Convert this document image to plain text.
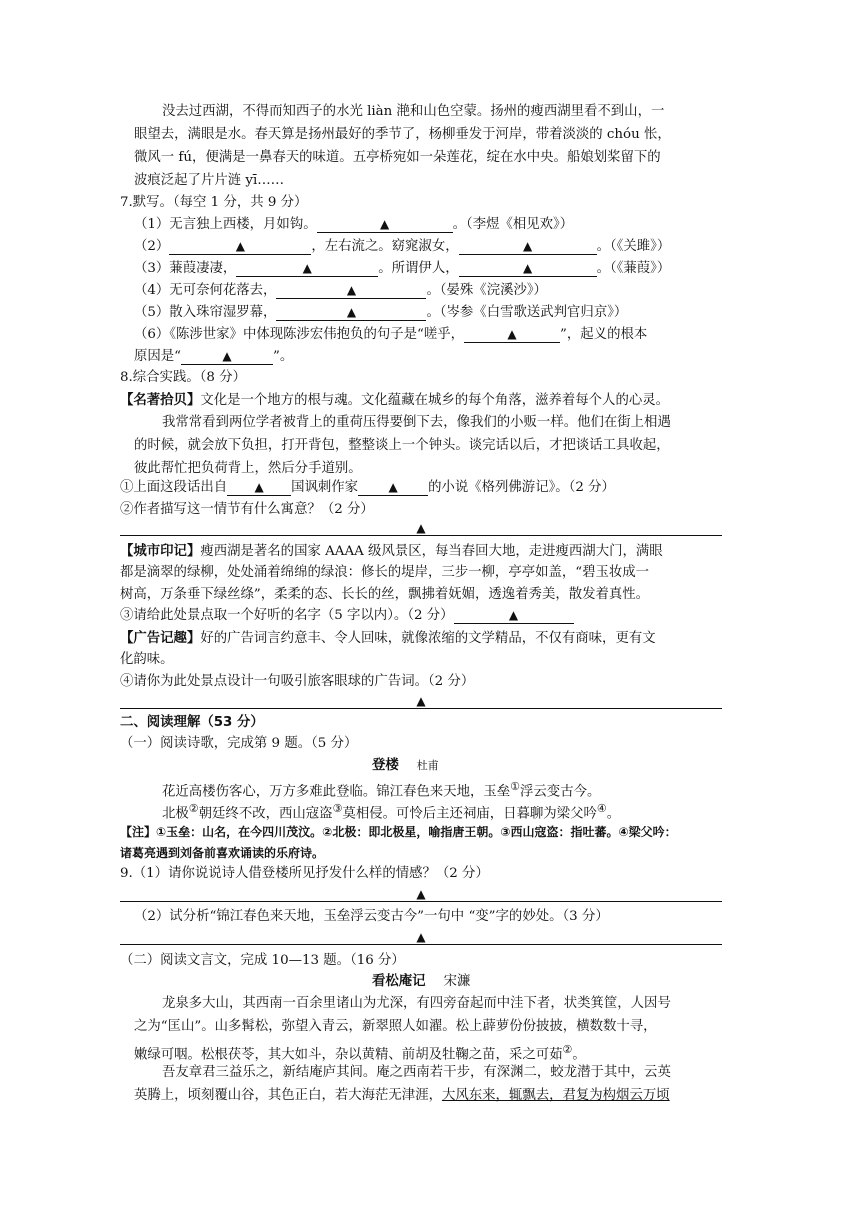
没去过西湖，不得而知西子的水光 liàn 滟和山色空蒙。扬州的瘦西湖里看不到山，一
眼望去，满眼是水。春天算是扬州最好的季节了，杨柳垂发于河岸，带着淡淡的 chóu 怅，
微风一 fú，便满是一鼻春天的味道。五亭桥宛如一朵莲花，绽在水中央。船娘划桨留下的
波痕泛起了片片涟 yī……
7.默写。（每空 1 分，共 9 分）
（1）无言独上西楼，月如钩。	▲	。（李煜《相见欢》）
（2）	▲	，左右流之。窈窕淑女，	▲	。（《关雎》）
（3）蒹葭凄凄，	▲	。所谓伊人，	▲	。（《蒹葭》）
（4）无可奈何花落去，	▲	。（晏殊《浣溪沙》）
（5）散入珠帘湿罗幕，	▲	。（岑参《白雪歌送武判官归京》）
（6）《陈涉世家》中体现陈涉宏伟抱负的句子是“嗟乎，	▲	”，起义的根本
原因是“	▲	”。
8.综合实践。（8 分）
【名著拾贝】文化是一个地方的根与魂。文化蕴藏在城乡的每个角落，滋养着每个人的心灵。
我常常看到两位学者被背上的重荷压得要倒下去，像我们的小贩一样。他们在街上相遇
的时候，就会放下负担，打开背包，整整谈上一个钟头。谈完话以后，才把谈话工具收起，
彼此帮忙把负荷背上，然后分手道别。
①上面这段话出自 ▲ 国讽刺作家	▲ 的小说《格列佛游记》。（2 分）
②作者描写这一情节有什么寓意？（2 分）
▲
【城市印记】瘦西湖是著名的国家 AAAA 级风景区，每当春回大地，走进瘦西湖大门，满眼
都是滴翠的绿柳，处处涌着绵绵的绿浪：修长的堤岸，三步一柳，亭亭如盖，“碧玉妆成一
树高，万条垂下绿丝绦”，柔柔的态、长长的丝，飘拂着妩媚，透逸着秀美，散发着真性。
③请给此处景点取一个好听的名字（5 字以内）。（2 分）	▲
【广告记趣】好的广告词言约意丰、令人回味，就像浓缩的文学精品，不仅有商味，更有文
化韵味。
④请你为此处景点设计一句吸引旅客眼球的广告词。（2 分）
▲
二、阅读理解（53 分）
（一）阅读诗歌，完成第 9 题。（5 分）
登楼 杜甫
花近高楼伤客心，万方多难此登临。锦江春色来天地，玉垒①浮云变古今。
北极②朝廷终不改，西山寇盗③莫相侵。可怜后主还祠庙，日暮聊为梁父吟④。
【注】①玉垒：山名，在今四川茂汶。②北极：即北极星，喻指唐王朝。③西山寇盗：指吐蕃。④梁父吟：
诸葛亮遇到刘备前喜欢诵读的乐府诗。
9.（1）请你说说诗人借登楼所见抒发什么样的情感？（2 分）
▲
（2）试分析“锦江春色来天地，玉垒浮云变古今”一句中 “变”字的妙处。（3 分）
▲
（二）阅读文言文，完成 10—13 题。（16 分）
看松庵记 宋濂
龙泉多大山，其西南一百余里诸山为尤深，有四旁奋起而中洼下者，状类箕筐，人因号
之为“匡山”。山多髯松，弥望入青云，新翠照人如濯。松上薜萝份份披披，横数数十寻，
嫩绿可咽。松根茯苓，其大如斗，杂以黄精、前胡及牡鞠之苗，采之可茹②。
吾友章君三益乐之，新结庵庐其间。庵之西南若干步，有深渊二，蛟龙潜于其中，云英
英腾上，顷刻覆山谷，其色正白，若大海茫无津涯，大风东来，辄飘去，君复为构烟云万顷
